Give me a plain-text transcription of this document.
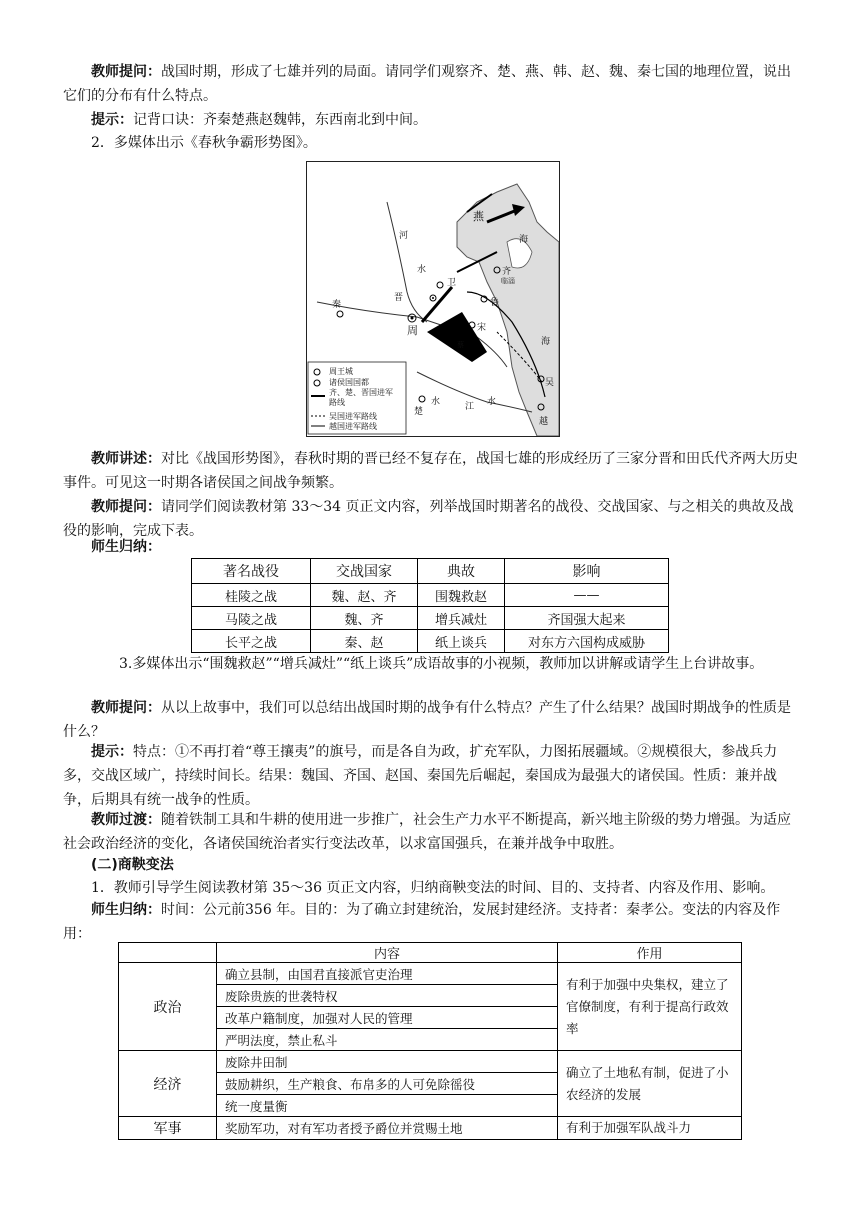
教师提问：战国时期，形成了七雄并列的局面。请同学们观察齐、楚、燕、韩、赵、魏、秦七国的地理位置，说出它们的分布有什么特点。

提示：记背口诀：齐秦楚燕赵魏韩，东西南北到中间。

2．多媒体出示《春秋争霸形势图》。

燕
海
河
水
卫
齐
临淄
秦
晋	鲁
周	宋
蔡
楚
吴
越
海
江
水	水
周王城
诸侯国国都
齐、楚、晋国进军路线
吴国进军路线
越国进军路线

教师讲述：对比《战国形势图》，春秋时期的晋已经不复存在，战国七雄的形成经历了三家分晋和田氏代齐两大历史事件。可见这一时期各诸侯国之间战争频繁。

教师提问：请同学们阅读教材第 33～34 页正文内容，列举战国时期著名的战役、交战国家、与之相关的典故及战役的影响，完成下表。

师生归纳：

著名战役	交战国家	典故	影响
桂陵之战	魏、赵、齐	围魏救赵	——
马陵之战	魏、齐	增兵减灶	齐国强大起来
长平之战	秦、赵	纸上谈兵	对东方六国构成威胁

3.多媒体出示“围魏救赵”“增兵减灶”“纸上谈兵”成语故事的小视频，教师加以讲解或请学生上台讲故事。

教师提问：从以上故事中，我们可以总结出战国时期的战争有什么特点？产生了什么结果？战国时期战争的性质是什么？

提示：特点：①不再打着“尊王攘夷”的旗号，而是各自为政，扩充军队，力图拓展疆域。②规模很大，参战兵力多，交战区域广，持续时间长。结果：魏国、齐国、赵国、秦国先后崛起，秦国成为最强大的诸侯国。性质：兼并战争，后期具有统一战争的性质。

教师过渡：随着铁制工具和牛耕的使用进一步推广，社会生产力水平不断提高，新兴地主阶级的势力增强。为适应社会政治经济的变化，各诸侯国统治者实行变法改革，以求富国强兵，在兼并战争中取胜。

(二)商鞅变法

1．教师引导学生阅读教材第 35～36 页正文内容，归纳商鞅变法的时间、目的、支持者、内容及作用、影响。

师生归纳：时间：公元前356 年。目的：为了确立封建统治，发展封建经济。支持者：秦孝公。变法的内容及作用：

	内容	作用
政治	确立县制，由国君直接派官吏治理	有利于加强中央集权，建立了官僚制度，有利于提高行政效率
	废除贵族的世袭特权	
	改革户籍制度，加强对人民的管理	
	严明法度，禁止私斗	
经济	废除井田制	确立了土地私有制，促进了小农经济的发展
	鼓励耕织，生产粮食、布帛多的人可免除徭役	
	统一度量衡	
军事	奖励军功，对有军功者授予爵位并赏赐土地	有利于加强军队战斗力
